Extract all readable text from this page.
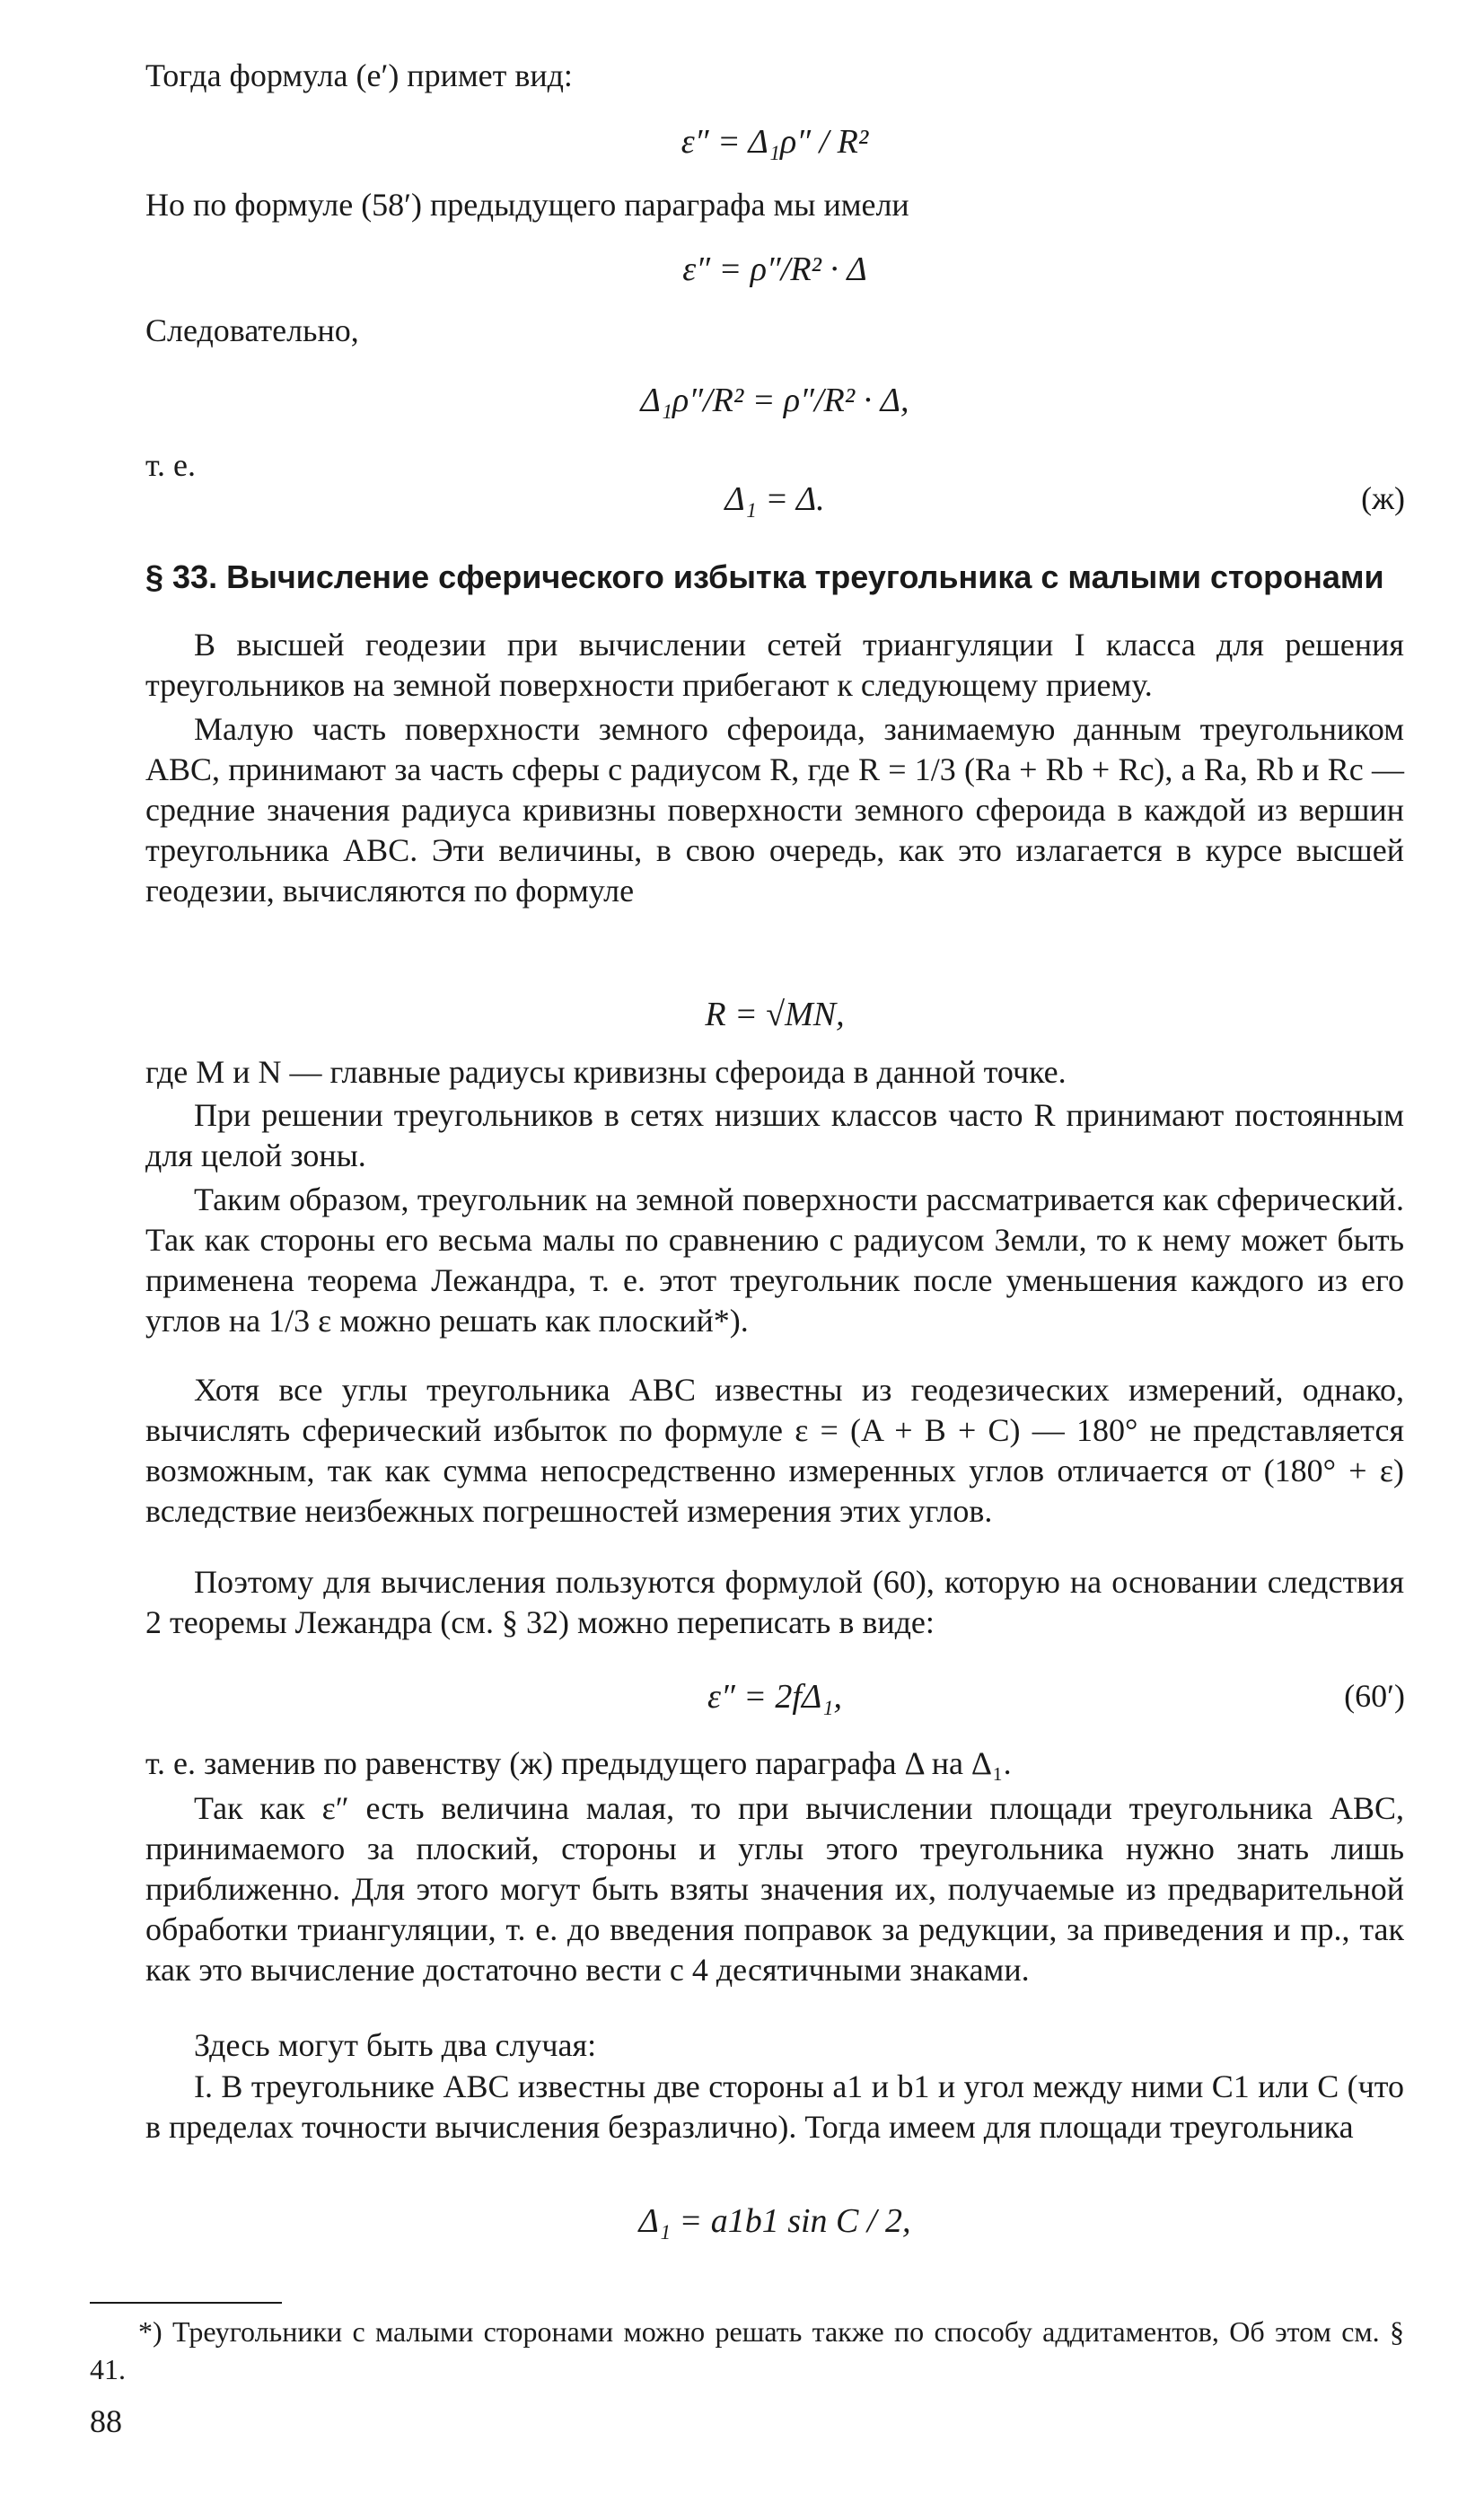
Тогда формула (e′) примет вид:
ε″ = Δ₁ρ″ / R²
Но по формуле (58′) предыдущего параграфа мы имели
ε″ = ρ″/R² · Δ
Следовательно,
Δ₁ρ″/R² = ρ″/R² · Δ,
т. е.
Δ₁ = Δ.	(ж)
§ 33. Вычисление сферического избытка треугольника с малыми сторонами
В высшей геодезии при вычислении сетей триангуляции I класса для решения треугольников на земной поверхности прибегают к следующему приему.
Малую часть поверхности земного сфероида, занимаемую данным треугольником ABC, принимают за часть сферы с радиусом R, где R = 1/3 (Ra + Rb + Rc), а Ra, Rb и Rc — средние значения радиуса кривизны поверхности земного сфероида в каждой из вершин треугольника ABC. Эти величины, в свою очередь, как это излагается в курсе высшей геодезии, вычисляются по формуле
R = √MN,
где M и N — главные радиусы кривизны сфероида в данной точке.
При решении треугольников в сетях низших классов часто R принимают постоянным для целой зоны.
Таким образом, треугольник на земной поверхности рассматривается как сферический. Так как стороны его весьма малы по сравнению с радиусом Земли, то к нему может быть применена теорема Лежандра, т. е. этот треугольник после уменьшения каждого из его углов на 1/3 ε можно решать как плоский*).
Хотя все углы треугольника ABC известны из геодезических измерений, однако, вычислять сферический избыток по формуле ε = (A + B + C) — 180° не представляется возможным, так как сумма непосредственно измеренных углов отличается от (180° + ε) вследствие неизбежных погрешностей измерения этих углов.
Поэтому для вычисления пользуются формулой (60), которую на основании следствия 2 теоремы Лежандра (см. § 32) можно переписать в виде:
ε″ = 2fΔ₁,	(60′)
т. е. заменив по равенству (ж) предыдущего параграфа Δ на Δ₁.
Так как ε″ есть величина малая, то при вычислении площади треугольника ABC, принимаемого за плоский, стороны и углы этого треугольника нужно знать лишь приближенно. Для этого могут быть взяты значения их, получаемые из предварительной обработки триангуляции, т. е. до введения поправок за редукции, за приведения и пр., так как это вычисление достаточно вести с 4 десятичными знаками.
Здесь могут быть два случая:
I. В треугольнике ABC известны две стороны a1 и b1 и угол между ними C1 или C (что в пределах точности вычисления безразлично). Тогда имеем для площади треугольника
Δ₁ = a1b1 sin C / 2,
*) Треугольники с малыми сторонами можно решать также по способу аддитаментов, Об этом см. § 41.
88
